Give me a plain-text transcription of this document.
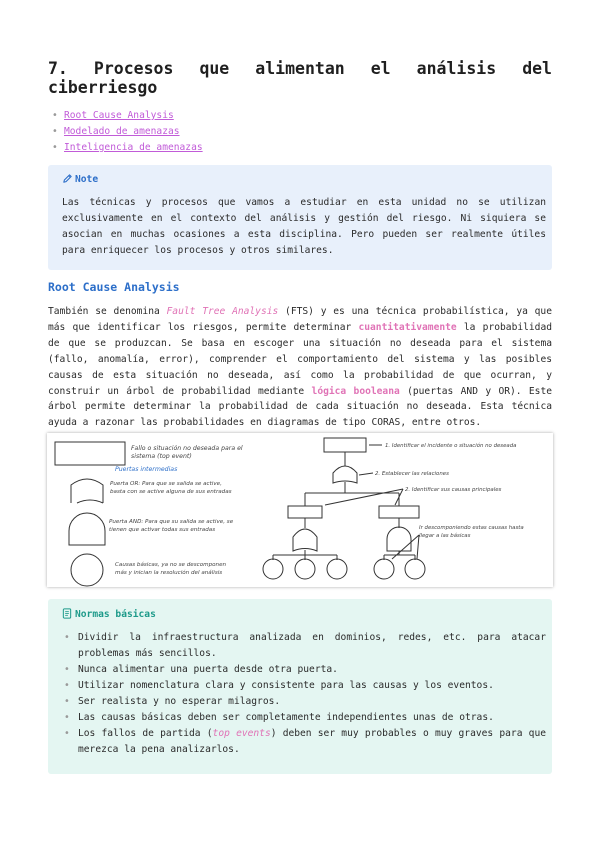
7. Procesos que alimentan el análisis del ciberriesgo
• Root Cause Analysis
• Modelado de amenazas
• Inteligencia de amenazas
Note

Las técnicas y procesos que vamos a estudiar en esta unidad no se utilizan exclusivamente en el contexto del análisis y gestión del riesgo. Ni siquiera se asocian en muchas ocasiones a esta disciplina. Pero pueden ser realmente útiles para enriquecer los procesos y otros similares.

Root Cause Analysis

También se denomina Fault Tree Analysis (FTS) y es una técnica probabilística, ya que más que identificar los riesgos, permite determinar cuantitativamente la probabilidad de que se produzcan. Se basa en escoger una situación no deseada para el sistema (fallo, anomalía, error), comprender el comportamiento del sistema y las posibles causas de esta situación no deseada, así como la probabilidad de que ocurran, y construir un árbol de probabilidad mediante lógica booleana (puertas AND y OR). Este árbol permite determinar la probabilidad de cada situación no deseada. Esta técnica ayuda a razonar las probabilidades en diagramas de tipo CORAS, entre otros.

Fallo o situación no deseada para el
sistema (top event)
Puertas intermedias
Puerta OR: Para que se salida se active,
basta con se active alguna de sus entradas
Puerta AND: Para que su salida se active, se
tienen que activar todas sus entradas
Causas básicas, ya no se descomponen
más y inician la resolución del análisis
1. Identificar el incidente o situación no deseada
2. Establecer las relaciones
2. Identificar sus causas principales
Ir descomponiendo estas causas hasta
llegar a las básicas
Normas básicas
• Dividir la infraestructura analizada en dominios, redes, etc. para atacar problemas más sencillos.
• Nunca alimentar una puerta desde otra puerta.
• Utilizar nomenclatura clara y consistente para las causas y los eventos.
• Ser realista y no esperar milagros.
• Las causas básicas deben ser completamente independientes unas de otras.
• Los fallos de partida (top events) deben ser muy probables o muy graves para que merezca la pena analizarlos.
